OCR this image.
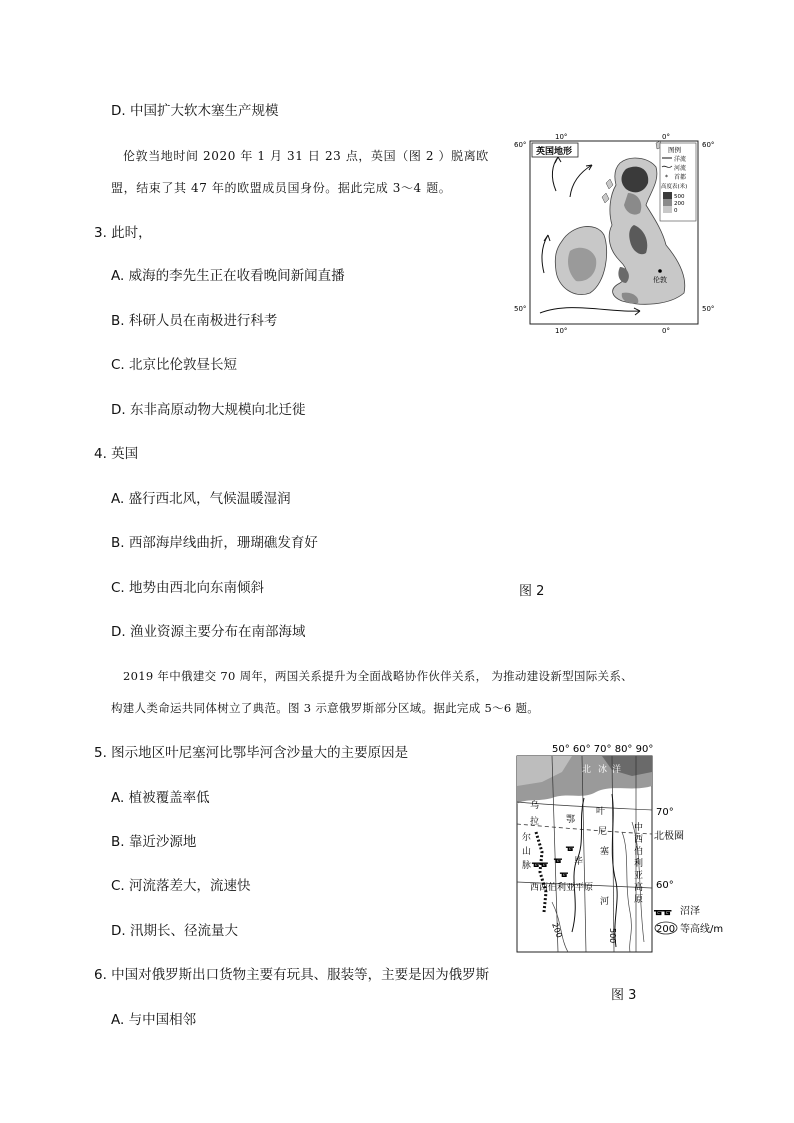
D. 中国扩大软木塞生产规模
伦敦当地时间 2020 年 1 月 31 日 23 点，英国（图 2 ）脱离欧
盟，结束了其 47 年的欧盟成员国身份。据此完成 3～4 题。
3. 此时，
A. 威海的李先生正在收看晚间新闻直播
B. 科研人员在南极进行科考
C. 北京比伦敦昼长短
D. 东非高原动物大规模向北迁徙
4. 英国
A. 盛行西北风，气候温暖湿润
B. 西部海岸线曲折，珊瑚礁发育好
C. 地势由西北向东南倾斜
D. 渔业资源主要分布在南部海域
2019 年中俄建交 70 周年，两国关系提升为全面战略协作伙伴关系， 为推动建设新型国际关系、
构建人类命运共同体树立了典范。图 3 示意俄罗斯部分区域。据此完成 5～6 题。
5. 图示地区叶尼塞河比鄂毕河含沙量大的主要原因是
A. 植被覆盖率低
B. 靠近沙源地
C. 河流落差大，流速快
D. 汛期长、径流量大
6. 中国对俄罗斯出口货物主要有玩具、服装等，主要是因为俄罗斯
A. 与中国相邻
10°	0°
60°	60°
50°	50°
10°	0°
英国地形
伦敦
图例
洋流
河流
* 首都
高度表(米)
500
200
0
图 2
50° 60° 70° 80° 90°
ᚗ
ᚗ
ᚗᚗ
ᚗ
北 冰 洋
乌
拉
尔
山
脉
鄂
毕
叶
尼
塞
西西伯利亚平原
河
中
西
伯
利
亚
高
原
200	500
70°
北极圈
60°
ᚗᚗ 沼泽
200 等高线/m
图 3
